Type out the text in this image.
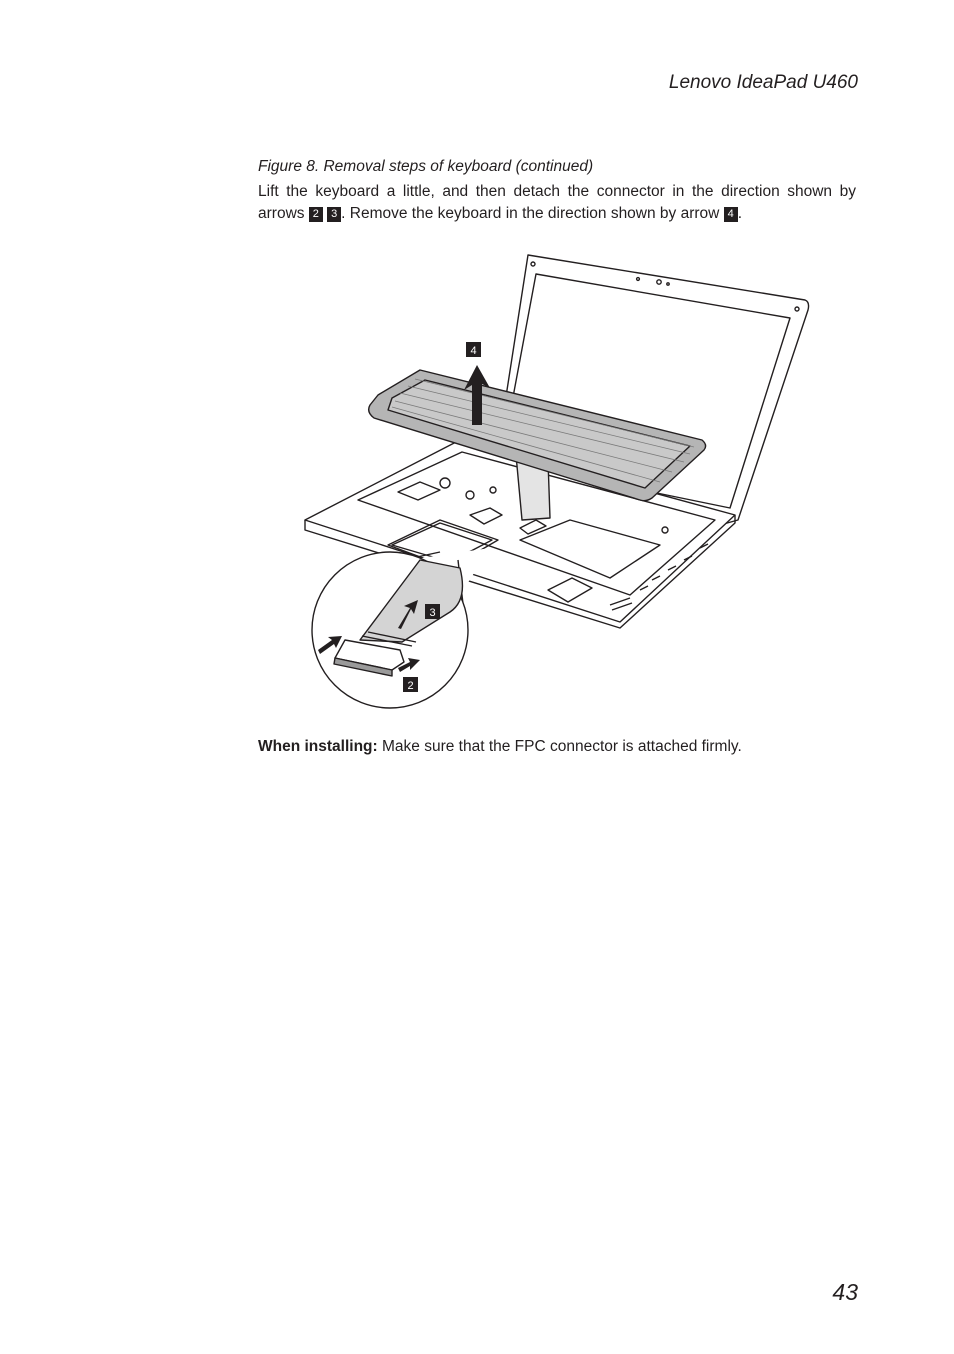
Lenovo IdeaPad U460

Figure 8. Removal steps of keyboard (continued)

Lift the keyboard a little, and then detach the connector in the direction shown by arrows 2 3 . Remove the keyboard in the direction shown by arrow 4 .

4
3
2
When installing: Make sure that the FPC connector is attached firmly.
43
